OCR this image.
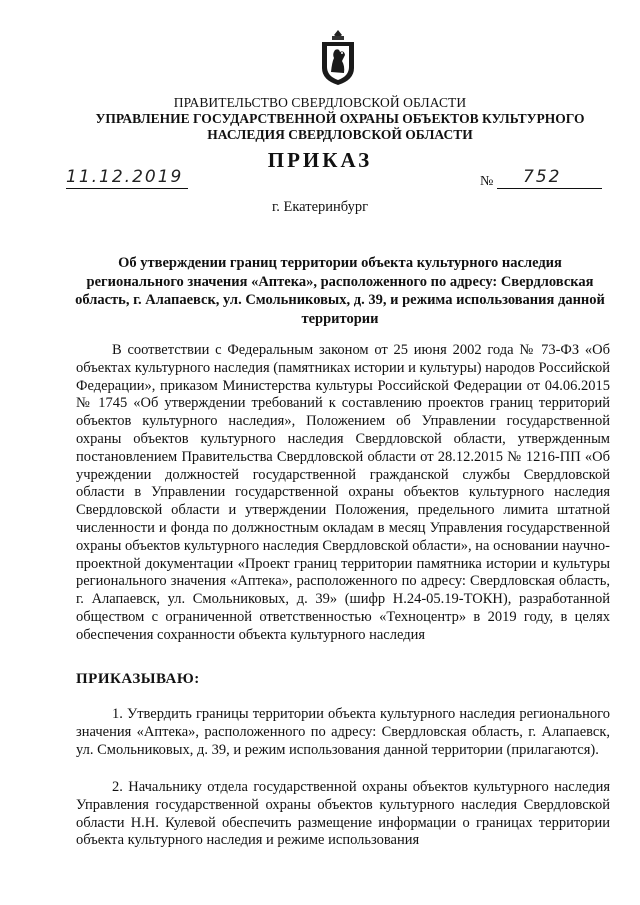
ПРАВИТЕЛЬСТВО СВЕРДЛОВСКОЙ ОБЛАСТИ
УПРАВЛЕНИЕ ГОСУДАРСТВЕННОЙ ОХРАНЫ ОБЪЕКТОВ КУЛЬТУРНОГО НАСЛЕДИЯ СВЕРДЛОВСКОЙ ОБЛАСТИ
ПРИКАЗ
11.12.2019	№ 752
г. Екатеринбург
Об утверждении границ территории объекта культурного наследия регионального значения «Аптека», расположенного по адресу: Свердловская область, г. Алапаевск, ул. Смольниковых, д. 39, и режима использования данной территории

В соответствии с Федеральным законом от 25 июня 2002 года № 73-ФЗ «Об объектах культурного наследия (памятниках истории и культуры) народов Российской Федерации», приказом Министерства культуры Российской Федерации от 04.06.2015 № 1745 «Об утверждении требований к составлению проектов границ территорий объектов культурного наследия», Положением об Управлении государственной охраны объектов культурного наследия Свердловской области, утвержденным постановлением Правительства Свердловской области от 28.12.2015 № 1216-ПП «Об учреждении должностей государственной гражданской службы Свердловской области в Управлении государственной охраны объектов культурного наследия Свердловской области и утверждении Положения, предельного лимита штатной численности и фонда по должностным окладам в месяц Управления государственной охраны объектов культурного наследия Свердловской области», на основании научно-проектной документации «Проект границ территории памятника истории и культуры регионального значения «Аптека», расположенного по адресу: Свердловская область, г. Алапаевск, ул. Смольниковых, д. 39» (шифр Н.24-05.19-ТОКН), разработанной обществом с ограниченной ответственностью «Техноцентр» в 2019 году, в целях обеспечения сохранности объекта культурного наследия

ПРИКАЗЫВАЮ:

1. Утвердить границы территории объекта культурного наследия регионального значения «Аптека», расположенного по адресу: Свердловская область, г. Алапаевск, ул. Смольниковых, д. 39, и режим использования данной территории (прилагаются).

2. Начальнику отдела государственной охраны объектов культурного наследия Управления государственной охраны объектов культурного наследия Свердловской области Н.Н. Кулевой обеспечить размещение информации о границах территории объекта культурного наследия и режиме использования
